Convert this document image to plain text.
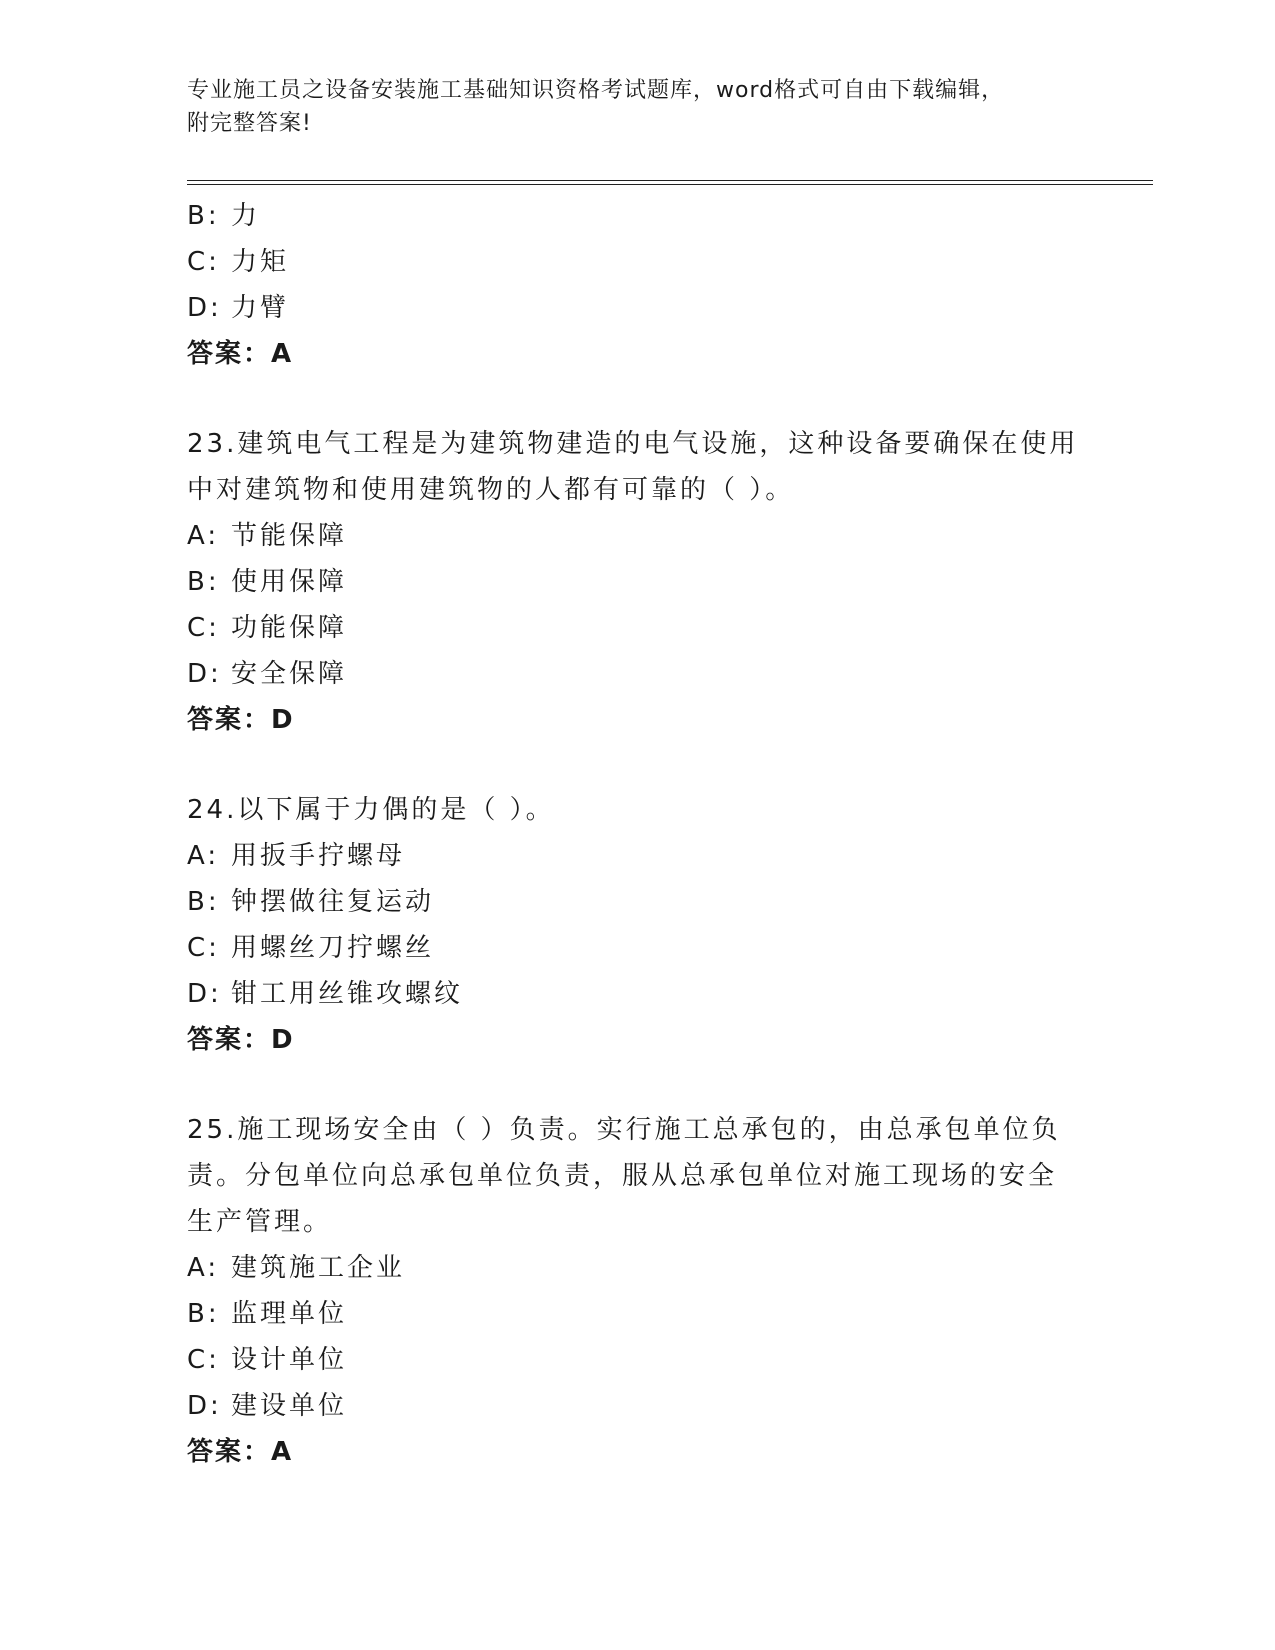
专业施工员之设备安装施工基础知识资格考试题库，word格式可自由下载编辑，
附完整答案!
B: 力
C: 力矩
D: 力臂
答案：A
23.建筑电气工程是为建筑物建造的电气设施，这种设备要确保在使用
中对建筑物和使用建筑物的人都有可靠的（ ）。
A: 节能保障
B: 使用保障
C: 功能保障
D: 安全保障
答案：D
24.以下属于力偶的是（ ）。
A: 用扳手拧螺母
B: 钟摆做往复运动
C: 用螺丝刀拧螺丝
D: 钳工用丝锥攻螺纹
答案：D
25.施工现场安全由（ ）负责。实行施工总承包的，由总承包单位负
责。分包单位向总承包单位负责，服从总承包单位对施工现场的安全
生产管理。
A: 建筑施工企业
B: 监理单位
C: 设计单位
D: 建设单位
答案：A
